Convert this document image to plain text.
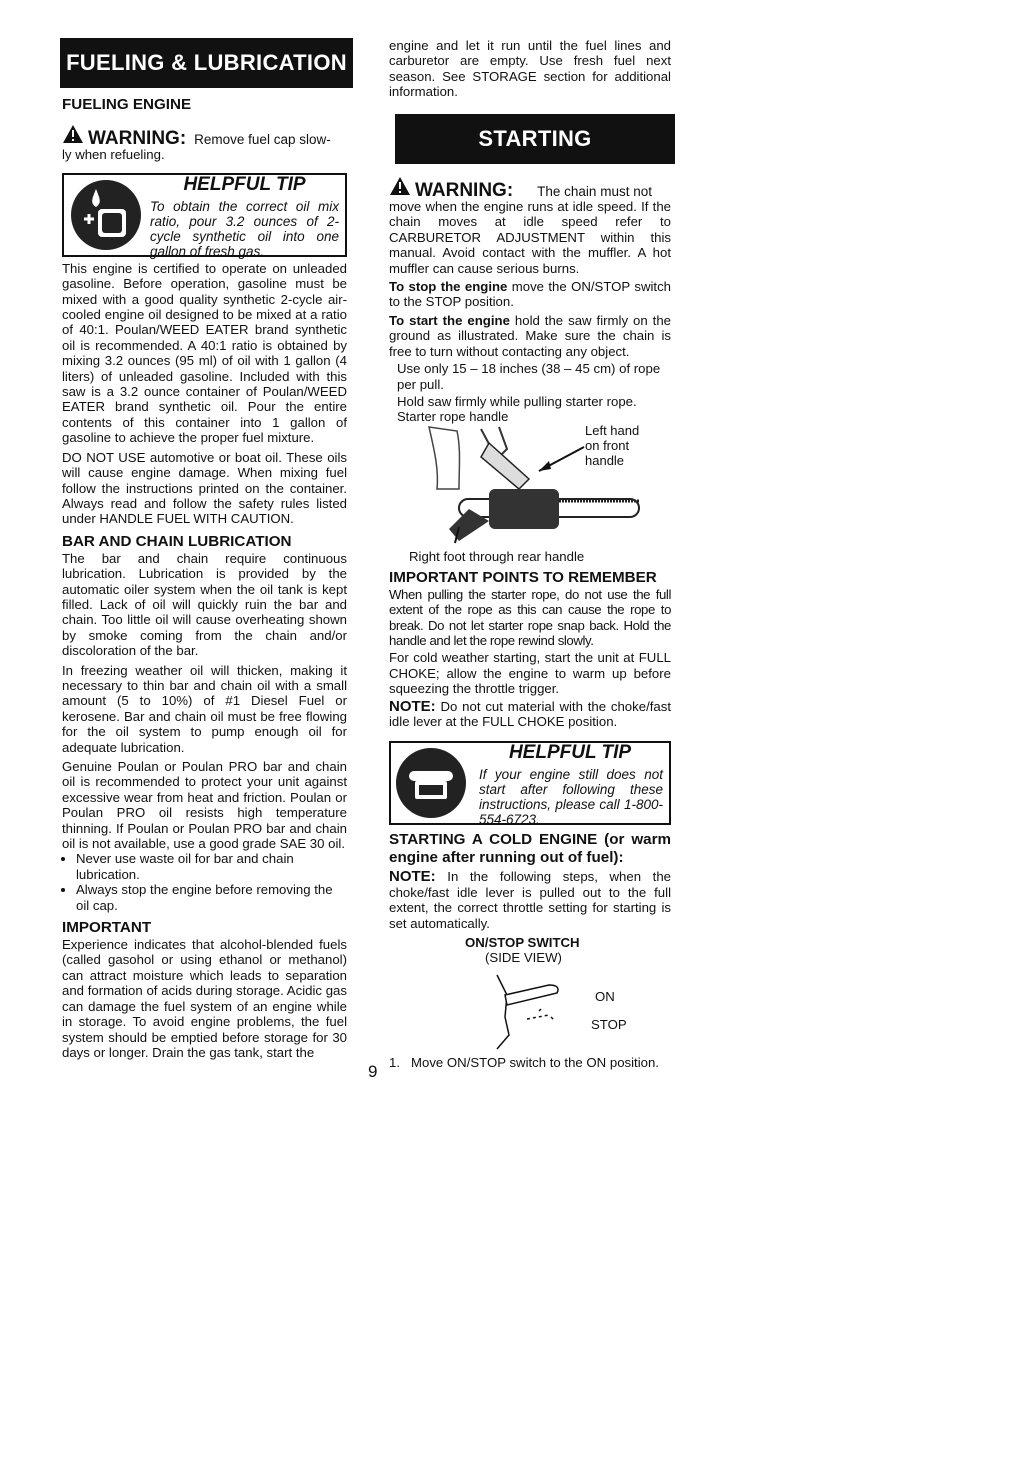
FUELING & LUBRICATION
FUELING ENGINE
WARNING: Remove fuel cap slow-
ly when refueling.
HELPFUL TIP
To obtain the correct oil mix ratio, pour 3.2 ounces of 2-cycle synthetic oil into one gallon of fresh gas.

This engine is certified to operate on unleaded gasoline. Before operation, gasoline must be mixed with a good quality synthetic 2-cycle air-cooled engine oil designed to be mixed at a ratio of 40:1. Poulan/WEED EATER brand synthetic oil is recommended. A 40:1 ratio is obtained by mixing 3.2 ounces (95 ml) of oil with 1 gallon (4 liters) of unleaded gasoline. Included with this saw is a 3.2 ounce container of Poulan/WEED EATER brand synthetic oil. Pour the entire contents of this container into 1 gallon of gasoline to achieve the proper fuel mixture.

DO NOT USE automotive or boat oil. These oils will cause engine damage. When mixing fuel follow the instructions printed on the container. Always read and follow the safety rules listed under HANDLE FUEL WITH CAUTION.

BAR AND CHAIN LUBRICATION

The bar and chain require continuous lubrication. Lubrication is provided by the automatic oiler system when the oil tank is kept filled. Lack of oil will quickly ruin the bar and chain. Too little oil will cause overheating shown by smoke coming from the chain and/or discoloration of the bar.

In freezing weather oil will thicken, making it necessary to thin bar and chain oil with a small amount (5 to 10%) of #1 Diesel Fuel or kerosene. Bar and chain oil must be free flowing for the oil system to pump enough oil for adequate lubrication.

Genuine Poulan or Poulan PRO bar and chain oil is recommended to protect your unit against excessive wear from heat and friction. Poulan or Poulan PRO oil resists high temperature thinning. If Poulan or Poulan PRO bar and chain oil is not available, use a good grade SAE 30 oil.

• Never use waste oil for bar and chain lubrication.
• Always stop the engine before removing the oil cap.
IMPORTANT

Experience indicates that alcohol-blended fuels (called gasohol or using ethanol or methanol) can attract moisture which leads to separation and formation of acids during storage. Acidic gas can damage the fuel system of an engine while in storage. To avoid engine problems, the fuel system should be emptied before storage for 30 days or longer. Drain the gas tank, start the

engine and let it run until the fuel lines and carburetor are empty. Use fresh fuel next season. See STORAGE section for additional information.

STARTING
WARNING: The chain must not

move when the engine runs at idle speed. If the chain moves at idle speed refer to CARBURETOR ADJUSTMENT within this manual. Avoid contact with the muffler. A hot muffler can cause serious burns.

To stop the engine move the ON/STOP switch to the STOP position.

To start the engine hold the saw firmly on the ground as illustrated. Make sure the chain is free to turn without contacting any object.

Use only 15 – 18 inches (38 – 45 cm) of rope per pull.
Hold saw firmly while pulling starter rope.
Starter rope handle
Left hand on front handle
Right foot through rear handle
IMPORTANT POINTS TO REMEMBER

When pulling the starter rope, do not use the full extent of the rope as this can cause the rope to break. Do not let starter rope snap back. Hold the handle and let the rope rewind slowly.

For cold weather starting, start the unit at FULL CHOKE; allow the engine to warm up before squeezing the throttle trigger.

NOTE: Do not cut material with the choke/fast idle lever at the FULL CHOKE position.

HELPFUL TIP
If your engine still does not start after following these instructions, please call 1-800-554-6723.
STARTING A COLD ENGINE (or warm engine after running out of fuel):

NOTE: In the following steps, when the choke/fast idle lever is pulled out to the full extent, the correct throttle setting for starting is set automatically.

ON/STOP SWITCH
(SIDE VIEW)
ON
STOP
1. Move ON/STOP switch to the ON position.
9
